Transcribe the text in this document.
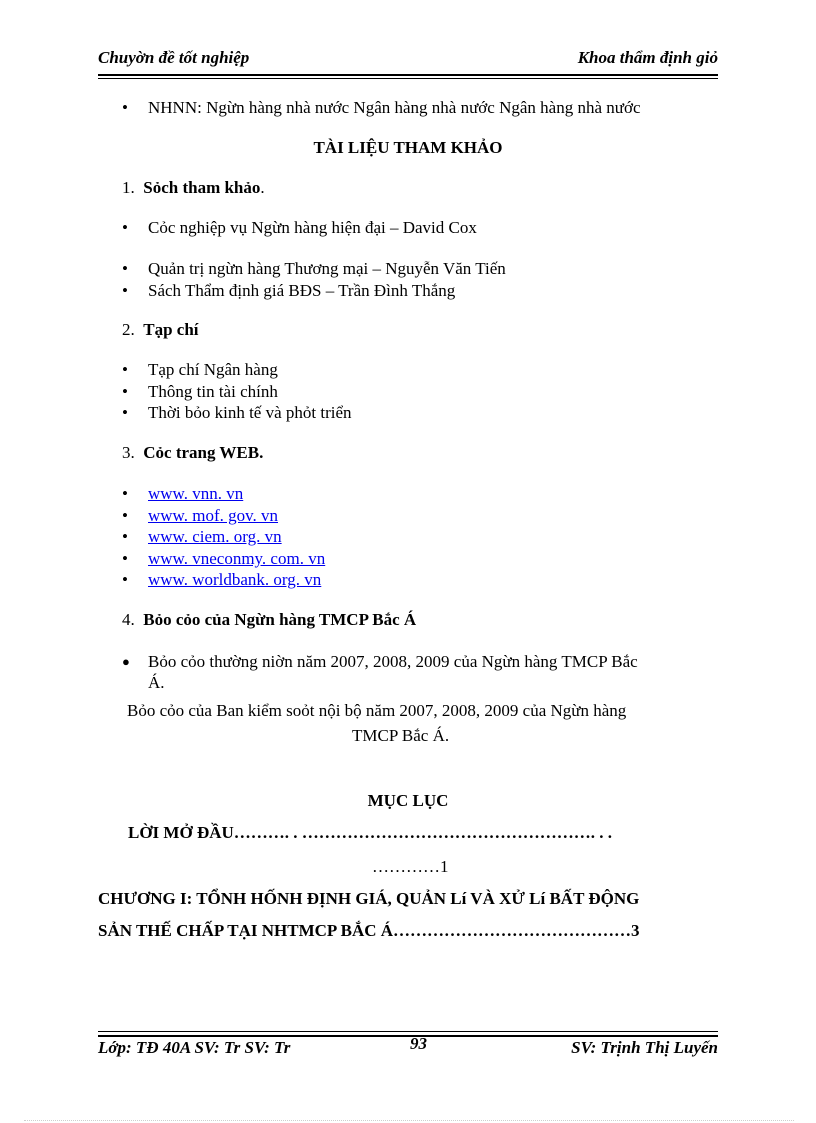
Chuyờn đề tốt nghiệp	Khoa thẩm định giỏ
• NHNN: Ngừn hàng nhà nước Ngân hàng nhà nước Ngân hàng nhà nước
TÀI LIỆU THAM KHẢO
1. Sỏch tham khảo.
• Cỏc nghiệp vụ Ngừn hàng hiện đại – David Cox
• Quản trị ngừn hàng Thương mại – Nguyễn Văn Tiến
• Sách Thẩm định giá BĐS – Trần Đình Thắng
2. Tạp chí
• Tạp chí Ngân hàng
• Thông tin tài chính
• Thời bỏo kinh tế và phỏt triển
3. Cỏc trang WEB.
• www. vnn. vn
• www. mof. gov. vn
• www. ciem. org. vn
• www. vneconmy. com. vn
• www. worldbank. org. vn
4. Bỏo cỏo của Ngừn hàng TMCP Bắc Á
● Bỏo cỏo thường niờn năm 2007, 2008, 2009 của Ngừn hàng TMCP Bắc
Á.
Bỏo cỏo của Ban kiểm soỏt nội bộ năm 2007, 2008, 2009 của Ngừn hàng
TMCP Bắc Á.
MỤC LỤC
LỜI MỞ ĐẦU………. . ……………………………………………. . .
…………1
CHƯƠNG I: TỔNH HỐNH ĐỊNH GIÁ, QUẢN Lí VÀ XỬ Lí BẤT ĐỘNG
SẢN THẾ CHẤP TẠI NHTMCP BẮC Á……………………………………3
Lớp: TĐ 40A SV: Tr SV: Tr	93	SV: Trịnh Thị Luyến
